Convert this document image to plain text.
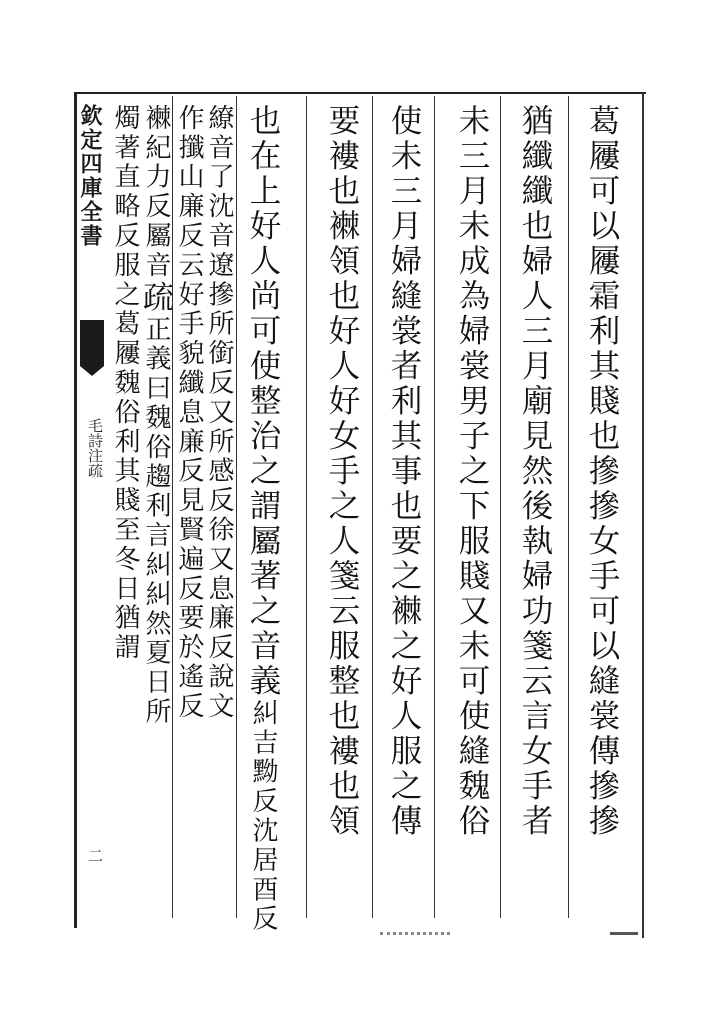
欽定四庫全書
毛詩注疏
二
葛屨可以屨霜利其賤也摻摻女手可以縫裳傳摻摻
猶纖纖也婦人三月廟見然後執婦功箋云言女手者
未三月未成為婦裳男子之下服賤又未可使縫魏俗
使未三月婦縫裳者利其事也要之襋之好人服之傳
要褸也襋領也好人好女手之人箋云服整也褸也領
也在上好人尚可使整治之謂屬著之音義糾吉黝反沈居酉反
繚音了沈音遼摻所銜反又所感反徐又息廉反說文
作攕山廉反云好手貌纖息廉反見賢遍反要於遙反
襋紀力反屬音疏正義曰魏俗趨利言糾糾然夏日所
燭著直略反服之葛屨魏俗利其賤至冬日猶謂
